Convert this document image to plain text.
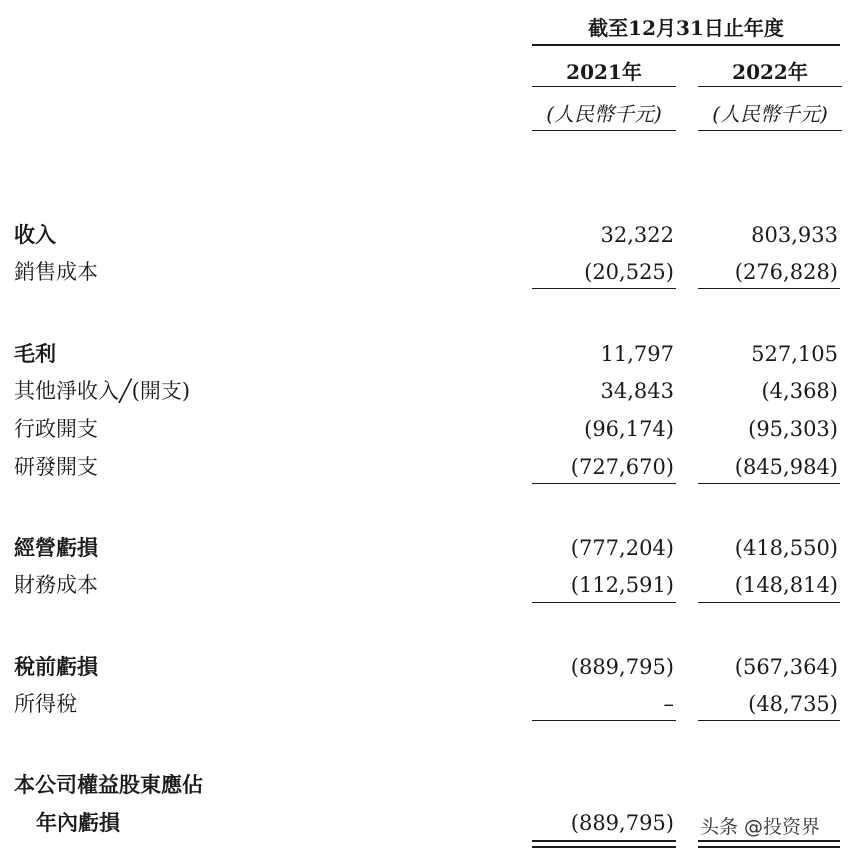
截至12月31日止年度
2021年	2022年
(人民幣千元)	(人民幣千元)
收入	32,322	803,933
銷售成本	(20,525)	(276,828)
毛利	11,797	527,105
其他淨收入╱(開支)	34,843	(4,368)
行政開支	(96,174)	(95,303)
研發開支	(727,670)	(845,984)
經營虧損	(777,204)	(418,550)
財務成本	(112,591)	(148,814)
稅前虧損	(889,795)	(567,364)
所得稅	–	(48,735)
本公司權益股東應佔
年內虧損	(889,795) 头条 @投资界
